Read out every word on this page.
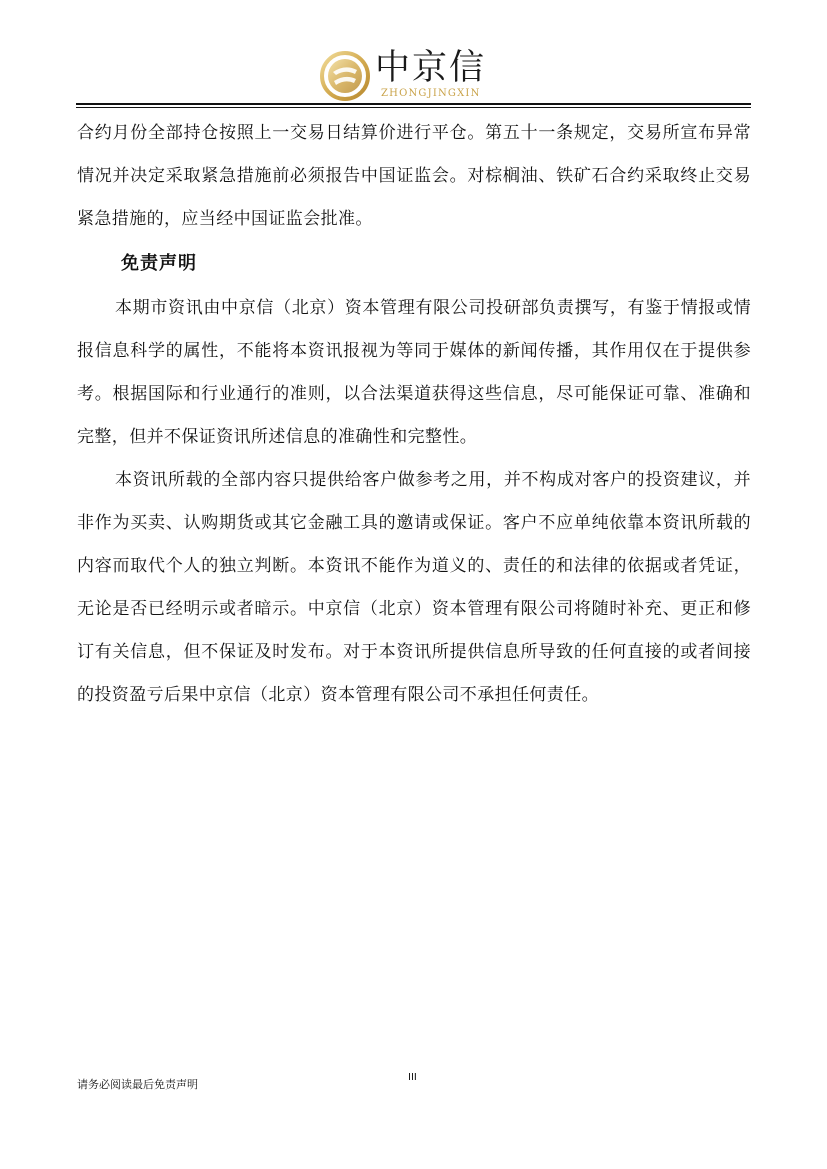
中京信
ZHONGJINGXIN

合约月份全部持仓按照上一交易日结算价进行平仓。第五十一条规定，交易所宣布异常情况并决定采取紧急措施前必须报告中国证监会。对棕榈油、铁矿石合约采取终止交易紧急措施的，应当经中国证监会批准。

免责声明

本期市资讯由中京信（北京）资本管理有限公司投研部负责撰写，有鉴于情报或情报信息科学的属性，不能将本资讯报视为等同于媒体的新闻传播，其作用仅在于提供参考。根据国际和行业通行的准则，以合法渠道获得这些信息，尽可能保证可靠、准确和完整，但并不保证资讯所述信息的准确性和完整性。

本资讯所载的全部内容只提供给客户做参考之用，并不构成对客户的投资建议，并非作为买卖、认购期货或其它金融工具的邀请或保证。客户不应单纯依靠本资讯所载的内容而取代个人的独立判断。本资讯不能作为道义的、责任的和法律的依据或者凭证，无论是否已经明示或者暗示。中京信（北京）资本管理有限公司将随时补充、更正和修订有关信息，但不保证及时发布。对于本资讯所提供信息所导致的任何直接的或者间接的投资盈亏后果中京信（北京）资本管理有限公司不承担任何责任。

请务必阅读最后免责声明
III
